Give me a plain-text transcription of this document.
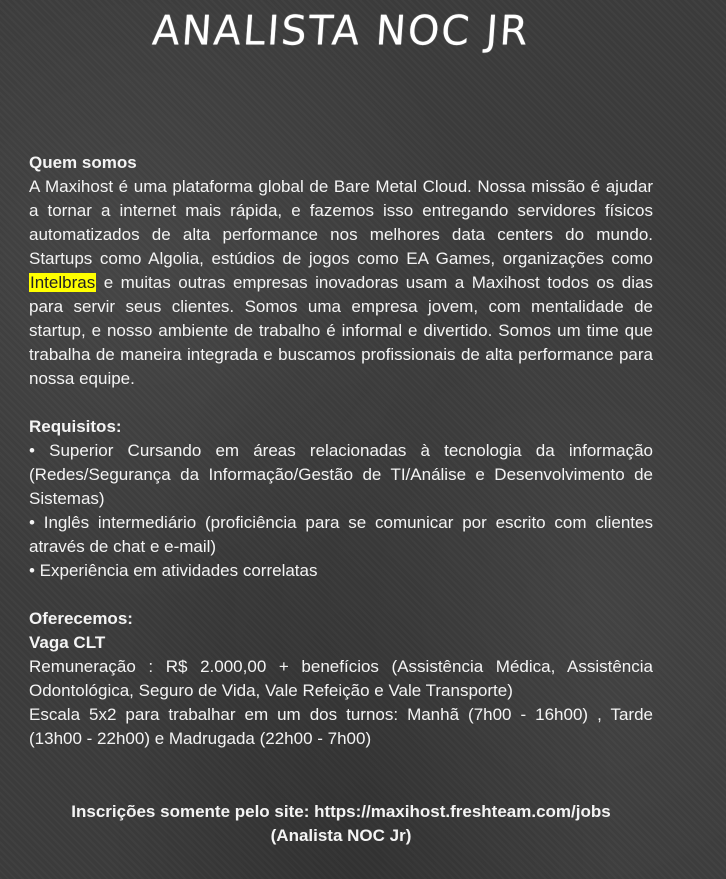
ANALISTA NOC JR
Quem somos

A Maxihost é uma plataforma global de Bare Metal Cloud. Nossa missão é ajudar a tornar a internet mais rápida, e fazemos isso entregando servidores físicos automatizados de alta performance nos melhores data centers do mundo. Startups como Algolia, estúdios de jogos como EA Games, organizações como Intelbras e muitas outras empresas inovadoras usam a Maxihost todos os dias para servir seus clientes. Somos uma empresa jovem, com mentalidade de startup, e nosso ambiente de trabalho é informal e divertido. Somos um time que trabalha de maneira integrada e buscamos profissionais de alta performance para nossa equipe.

Requisitos:
• Superior Cursando em áreas relacionadas à tecnologia da informação (Redes/Segurança da Informação/Gestão de TI/Análise e Desenvolvimento de Sistemas)
• Inglês intermediário (proficiência para se comunicar por escrito com clientes através de chat e e-mail)
• Experiência em atividades correlatas
Oferecemos:
Vaga CLT
Remuneração : R$ 2.000,00 + benefícios (Assistência Médica, Assistência Odontológica, Seguro de Vida, Vale Refeição e Vale Transporte)
Escala 5x2 para trabalhar em um dos turnos: Manhã (7h00 - 16h00) , Tarde (13h00 - 22h00) e Madrugada (22h00 - 7h00)
Inscrições somente pelo site: https://maxihost.freshteam.com/jobs
(Analista NOC Jr)
